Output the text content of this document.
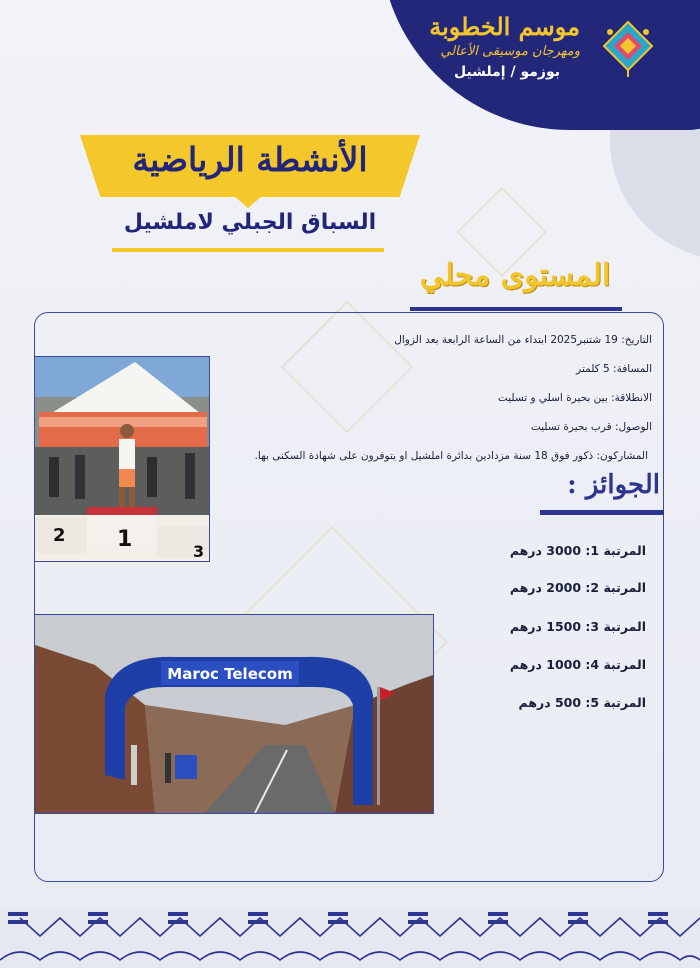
موسم الخطوبة
ومهرجان موسيقى الأعالي
بوزمو / إملشيل
الأنشطة الرياضية
السباق الجبلي لاملشيل
المستوى محلي
التاريخ: 19 شتنبر2025 ابتداء من الساعة الرابعة بعد الزوال
المسافة: 5 كلمتر
الانطلاقة: بين بحيرة اسلي و تسليت
الوصول: قرب بحيرة تسليت
المشاركون: ذكور فوق 18 سنة مزدادين بدائرة املشيل او يتوفرون على شهادة السكنى بها.
الجوائز :
المرتبة 1: 3000 درهم
المرتبة 2: 2000 درهم
المرتبة 3: 1500 درهم
المرتبة 4: 1000 درهم
المرتبة 5: 500 درهم
1
2
3
Maroc Telecom
